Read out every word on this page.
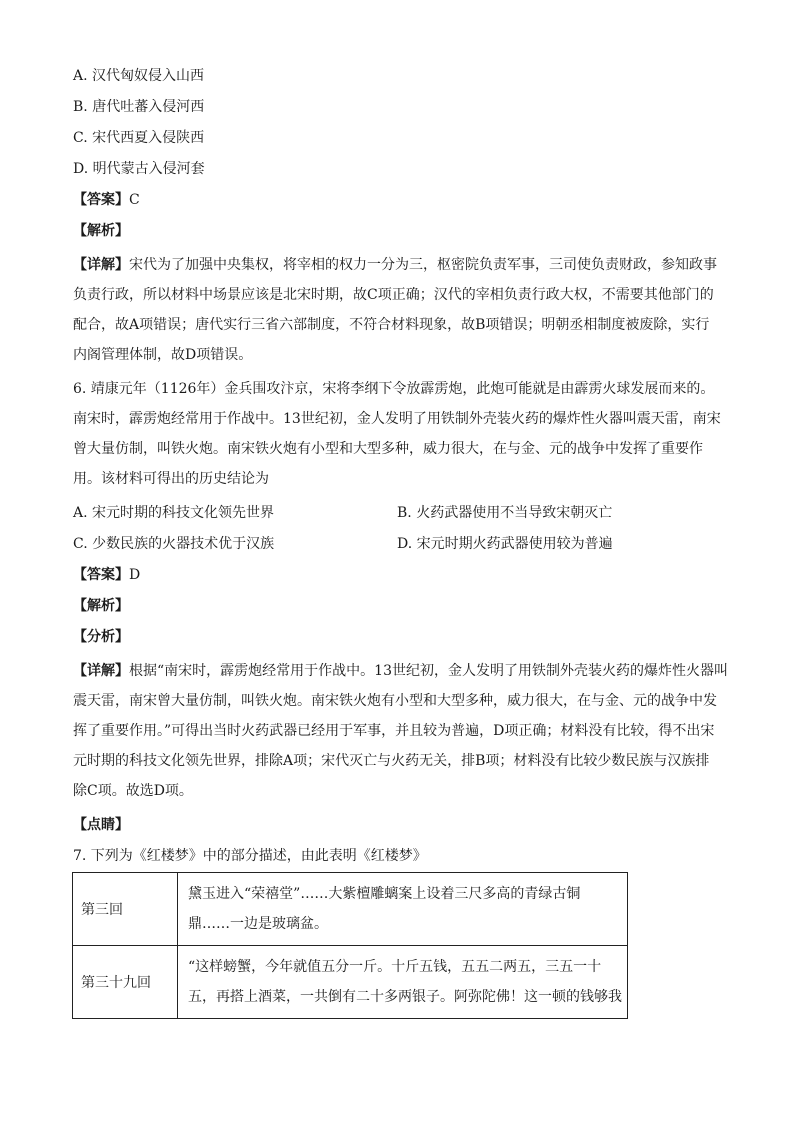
A. 汉代匈奴侵入山西
B. 唐代吐蕃入侵河西
C. 宋代西夏入侵陕西
D. 明代蒙古入侵河套
【答案】C
【解析】
【详解】宋代为了加强中央集权，将宰相的权力一分为三，枢密院负责军事，三司使负责财政，参知政事
负责行政，所以材料中场景应该是北宋时期，故C项正确；汉代的宰相负责行政大权，不需要其他部门的
配合，故A项错误；唐代实行三省六部制度，不符合材料现象，故B项错误；明朝丞相制度被废除，实行
内阁管理体制，故D项错误。
6. 靖康元年（1126年）金兵围攻汴京，宋将李纲下令放霹雳炮，此炮可能就是由霹雳火球发展而来的。
南宋时，霹雳炮经常用于作战中。13世纪初，金人发明了用铁制外壳装火药的爆炸性火器叫震天雷，南宋
曾大量仿制，叫铁火炮。南宋铁火炮有小型和大型多种，威力很大，在与金、元的战争中发挥了重要作
用。该材料可得出的历史结论为
A. 宋元时期的科技文化领先世界	B. 火药武器使用不当导致宋朝灭亡
C. 少数民族的火器技术优于汉族	D. 宋元时期火药武器使用较为普遍
【答案】D
【解析】
【分析】
【详解】根据“南宋时，霹雳炮经常用于作战中。13世纪初，金人发明了用铁制外壳装火药的爆炸性火器叫
震天雷，南宋曾大量仿制，叫铁火炮。南宋铁火炮有小型和大型多种，威力很大，在与金、元的战争中发
挥了重要作用。”可得出当时火药武器已经用于军事，并且较为普遍，D项正确；材料没有比较，得不出宋
元时期的科技文化领先世界，排除A项；宋代灭亡与火药无关，排B项；材料没有比较少数民族与汉族排
除C项。故选D项。
【点睛】
7. 下列为《红楼梦》中的部分描述，由此表明《红楼梦》
第三回	黛玉进入“荣禧堂”……大紫檀雕螭案上设着三尺多高的青绿古铜
鼎……一边是玻璃盆。

第三十九回	“这样螃蟹，今年就值五分一斤。十斤五钱，五五二两五，三五一十
五，再搭上酒菜，一共倒有二十多两银子。阿弥陀佛！这一顿的钱够我
